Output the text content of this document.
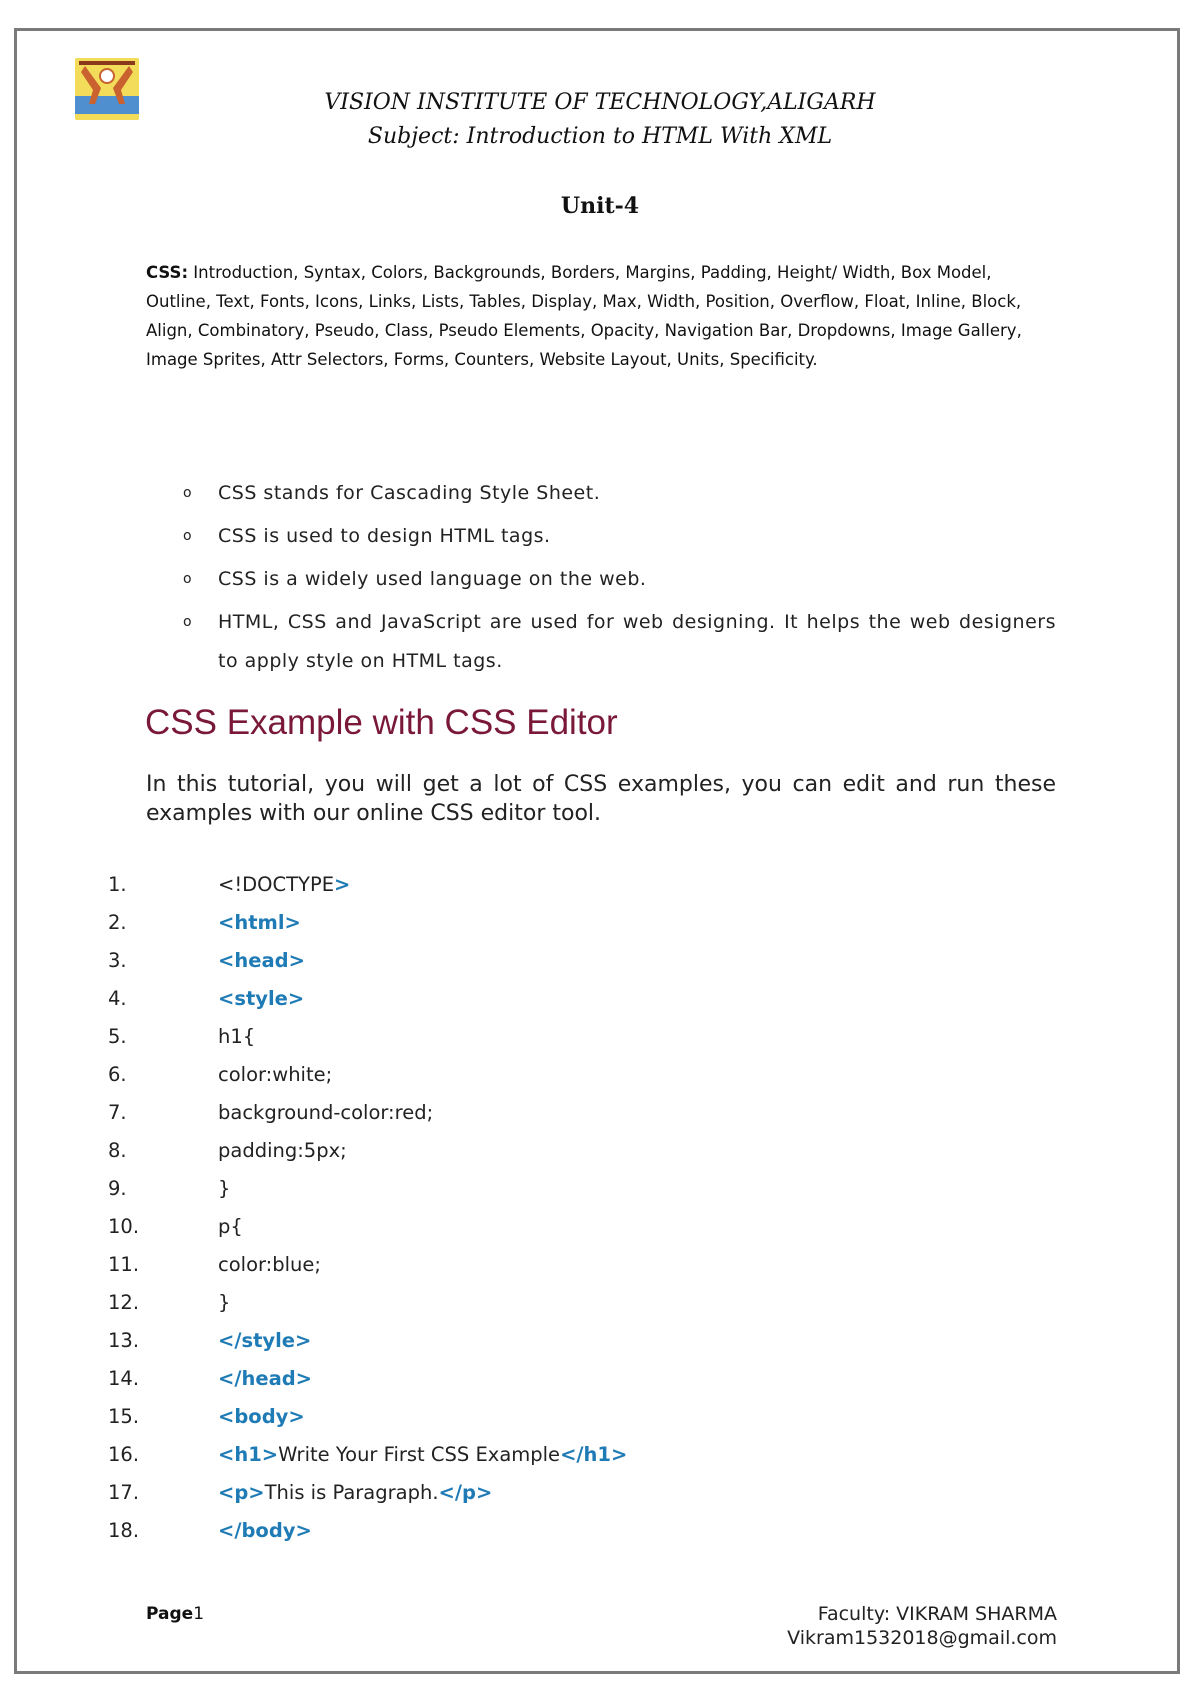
VISION INSTITUTE OF TECHNOLOGY,ALIGARH
Subject: Introduction to HTML With XML
Unit-4
CSS: Introduction, Syntax, Colors, Backgrounds, Borders, Margins, Padding, Height/ Width, Box Model, Outline, Text, Fonts, Icons, Links, Lists, Tables, Display, Max, Width, Position, Overflow, Float, Inline, Block, Align, Combinatory, Pseudo, Class, Pseudo Elements, Opacity, Navigation Bar, Dropdowns, Image Gallery, Image Sprites, Attr Selectors, Forms, Counters, Website Layout, Units, Specificity.
o CSS stands for Cascading Style Sheet.
o CSS is used to design HTML tags.
o CSS is a widely used language on the web.
o HTML, CSS and JavaScript are used for web designing. It helps the web designers to apply style on HTML tags.
CSS Example with CSS Editor
In this tutorial, you will get a lot of CSS examples, you can edit and run these examples with our online CSS editor tool.
1.	<!DOCTYPE>
2.	<html>
3.	<head>
4.	<style>
5.	h1{
6.	color:white;
7.	background-color:red;
8.	padding:5px;
9.	}
10.	p{
11.	color:blue;
12.	}
13.	</style>
14.	</head>
15.	<body>
16.	<h1>Write Your First CSS Example</h1>
17.	<p>This is Paragraph.</p>
18.	</body>
Page1	Faculty: VIKRAM SHARMA
Vikram1532018@gmail.com
